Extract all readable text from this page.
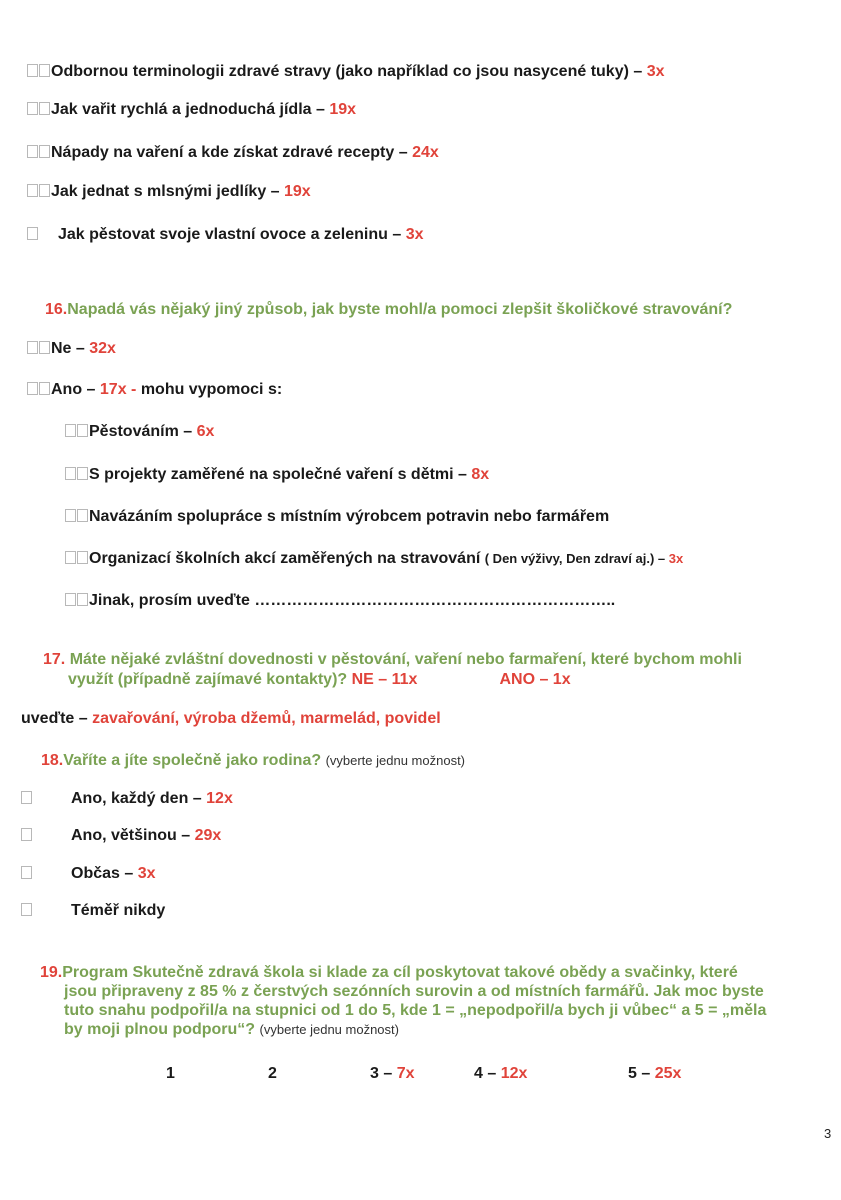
Odbornou terminologii zdravé stravy (jako například co jsou nasycené tuky) – 3x
Jak vařit rychlá a jednoduchá jídla – 19x
Nápady na vaření a kde získat zdravé recepty – 24x
Jak jednat s mlsnými jedlíky – 19x
Jak pěstovat svoje vlastní ovoce a zeleninu – 3x
16.Napadá vás nějaký jiný způsob, jak byste mohl/a pomoci zlepšit školičkové stravování?
Ne – 32x
Ano – 17x - mohu vypomoci s:
Pěstováním – 6x
S projekty zaměřené na společné vaření s dětmi – 8x
Navázáním spolupráce s místním výrobcem potravin nebo farmářem
Organizací školních akcí zaměřených na stravování ( Den výživy, Den zdraví aj.) – 3x
Jinak, prosím uveďte …………………………………………………………..
17. Máte nějaké zvláštní dovednosti v pěstování, vaření nebo farmaření, které bychom mohli
využít (případně zajímavé kontakty)? NE – 11x	ANO – 1x
uveďte – zavařování, výroba džemů, marmelád, povidel
18.Vaříte a jíte společně jako rodina? (vyberte jednu možnost)
Ano, každý den – 12x
Ano, většinou – 29x
Občas – 3x
Téměř nikdy
19.Program Skutečně zdravá škola si klade za cíl poskytovat takové obědy a svačinky, které
jsou připraveny z 85 % z čerstvých sezónních surovin a od místních farmářů. Jak moc byste
tuto snahu podpořil/a na stupnici od 1 do 5, kde 1 = „nepodpořil/a bych ji vůbec“ a 5 = „měla
by moji plnou podporu“? (vyberte jednu možnost)
1	2	3 – 7x	4 – 12x	5 – 25x
3
